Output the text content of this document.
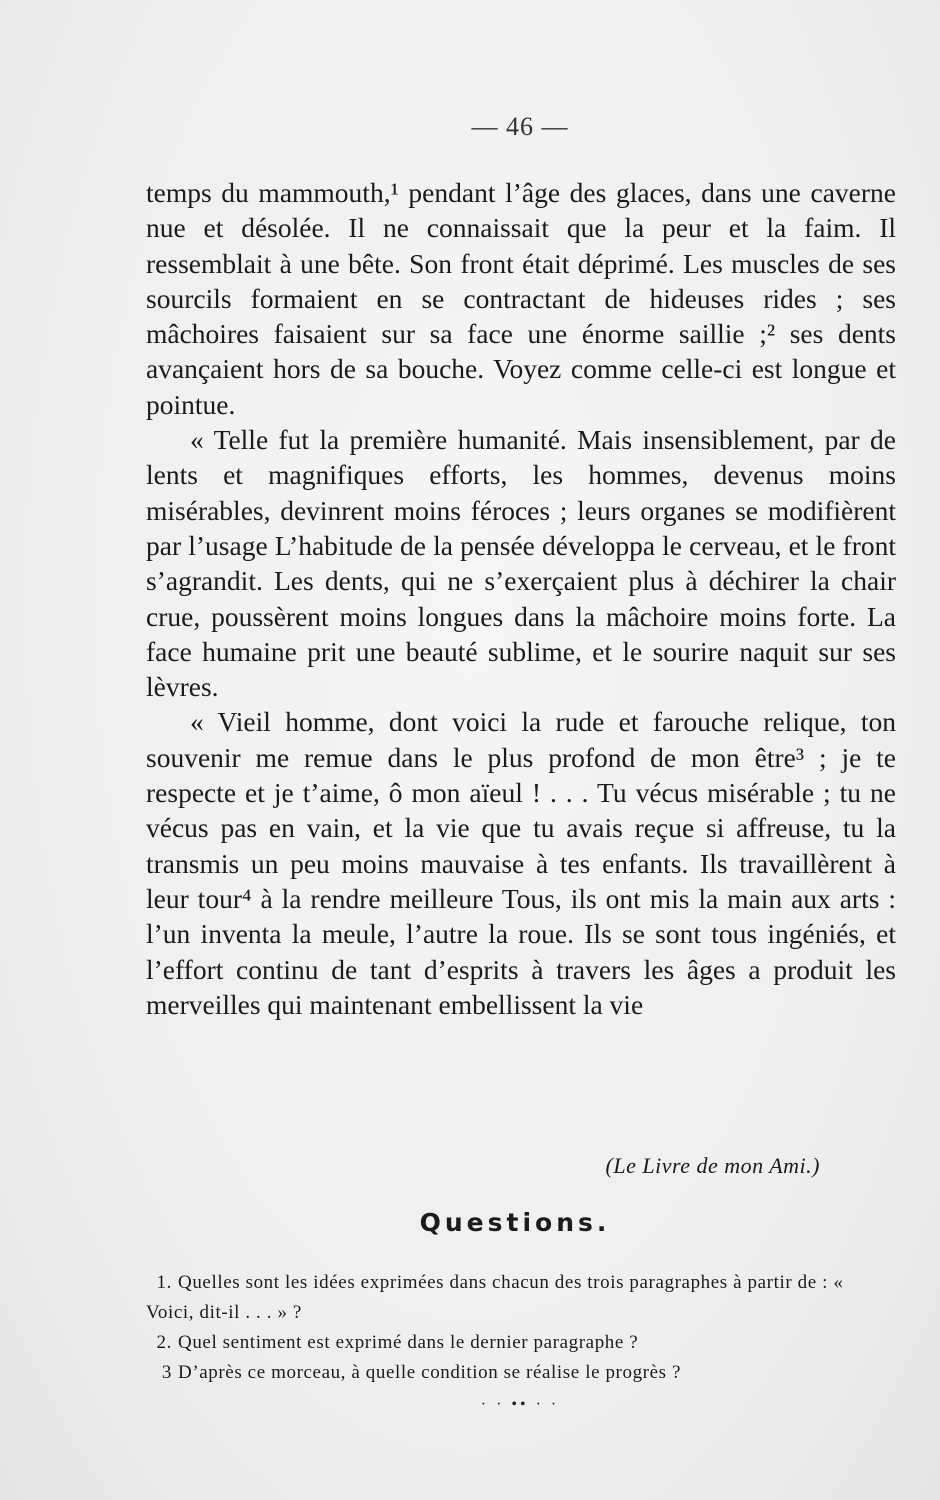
— 46 —

temps du mammouth,¹ pendant l’âge des glaces, dans une caverne nue et désolée. Il ne connaissait que la peur et la faim. Il ressemblait à une bête. Son front était déprimé. Les muscles de ses sourcils formaient en se contractant de hideuses rides ; ses mâchoires faisaient sur sa face une énorme saillie ;² ses dents avançaient hors de sa bouche. Voyez comme celle-ci est longue et pointue.

« Telle fut la première humanité. Mais insensiblement, par de lents et magnifiques efforts, les hommes, devenus moins misérables, devinrent moins féroces ; leurs organes se modifièrent par l’usage L’habitude de la pensée développa le cerveau, et le front s’agrandit. Les dents, qui ne s’exerçaient plus à déchirer la chair crue, poussèrent moins longues dans la mâchoire moins forte. La face humaine prit une beauté sublime, et le sourire naquit sur ses lèvres.

« Vieil homme, dont voici la rude et farouche relique, ton souvenir me remue dans le plus profond de mon être³ ; je te respecte et je t’aime, ô mon aïeul ! . . . Tu vécus misérable ; tu ne vécus pas en vain, et la vie que tu avais reçue si affreuse, tu la transmis un peu moins mauvaise à tes enfants. Ils travaillèrent à leur tour⁴ à la rendre meilleure Tous, ils ont mis la main aux arts : l’un inventa la meule, l’autre la roue. Ils se sont tous ingéniés, et l’effort continu de tant d’esprits à travers les âges a produit les merveilles qui maintenant embellissent la vie

(Le Livre de mon Ami.)
Questions.
1. Quelles sont les idées exprimées dans chacun des trois paragraphes à partir de : « Voici, dit-il . . . » ?
2. Quel sentiment est exprimé dans le dernier paragraphe ?
3 D’après ce morceau, à quelle condition se réalise le progrès ?
· · •• · ·
